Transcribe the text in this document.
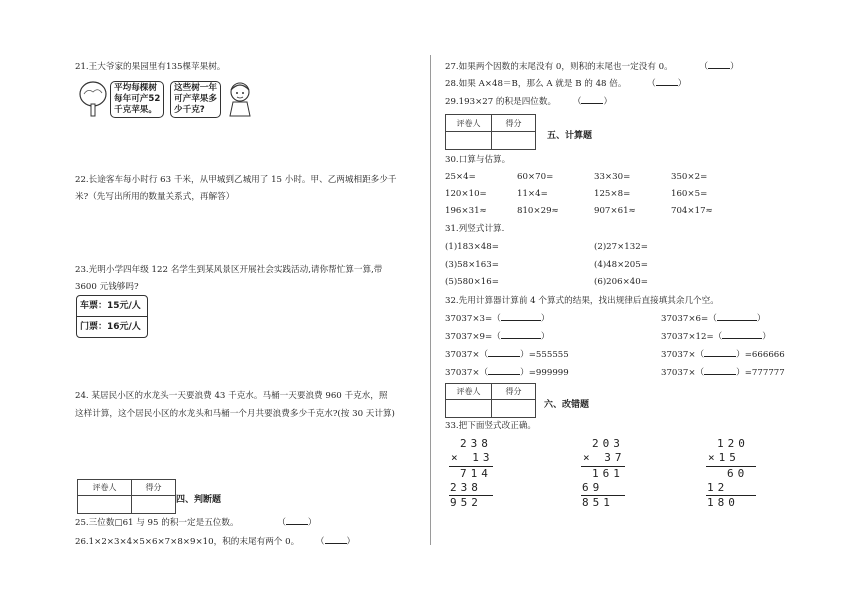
21.王大爷家的果园里有135棵苹果树。
平均每棵树
每年可产52
千克苹果。
这些树一年
可产苹果多
少千克?
22.长途客车每小时行 63 千米，从甲城到乙城用了 15 小时。甲、乙两城相距多少千
米?（先写出所用的数量关系式，再解答）
23.光明小学四年级 122 名学生到某风景区开展社会实践活动,请你帮忙算一算,带
3600 元钱够吗?
车票：15元/人
门票：16元/人
24. 某居民小区的水龙头一天要浪费 43 千克水。马桶一天要浪费 960 千克水，照
这样计算，这个居民小区的水龙头和马桶一个月共要浪费多少千克水?(按 30 天计算)
评卷人	得分

四、判断题
25.三位数□61 与 95 的积一定是五位数。	（	）
26.1×2×3×4×5×6×7×8×9×10，积的末尾有两个 0。 （	）
27.如果两个因数的末尾没有 0，则积的末尾也一定没有 0。	（	）
28.如果 A×48＝B，那么 A 就是 B 的 48 倍。 （	）
29.193×27 的积是四位数。 （	）
评卷人	得分

五、计算题
30.口算与估算。
25×4=	60×70=	33×30=	350×2=
120×10=	11×4=	125×8=	160×5=
196×31≈	810×29≈	907×61≈	704×17≈
31.列竖式计算.
(1)183×48=	(2)27×132=
(3)58×163=	(4)48×205=
(5)580×16=	(6)206×40=
32.先用计算器计算前 4 个算式的结果，找出规律后直接填其余几个空。
37037×3=（	）	37037×6=（	）
37037×9=（	）	37037×12=（	）
37037×（	）=555555	37037×（	）=666666
37037×（	）=999999	37037×（	）=777777
评卷人	得分

六、改错题
33.把下面竖式改正确。
238
× 13
714
238
952
203
× 37
161
69
851
120
×15
60
12
180
